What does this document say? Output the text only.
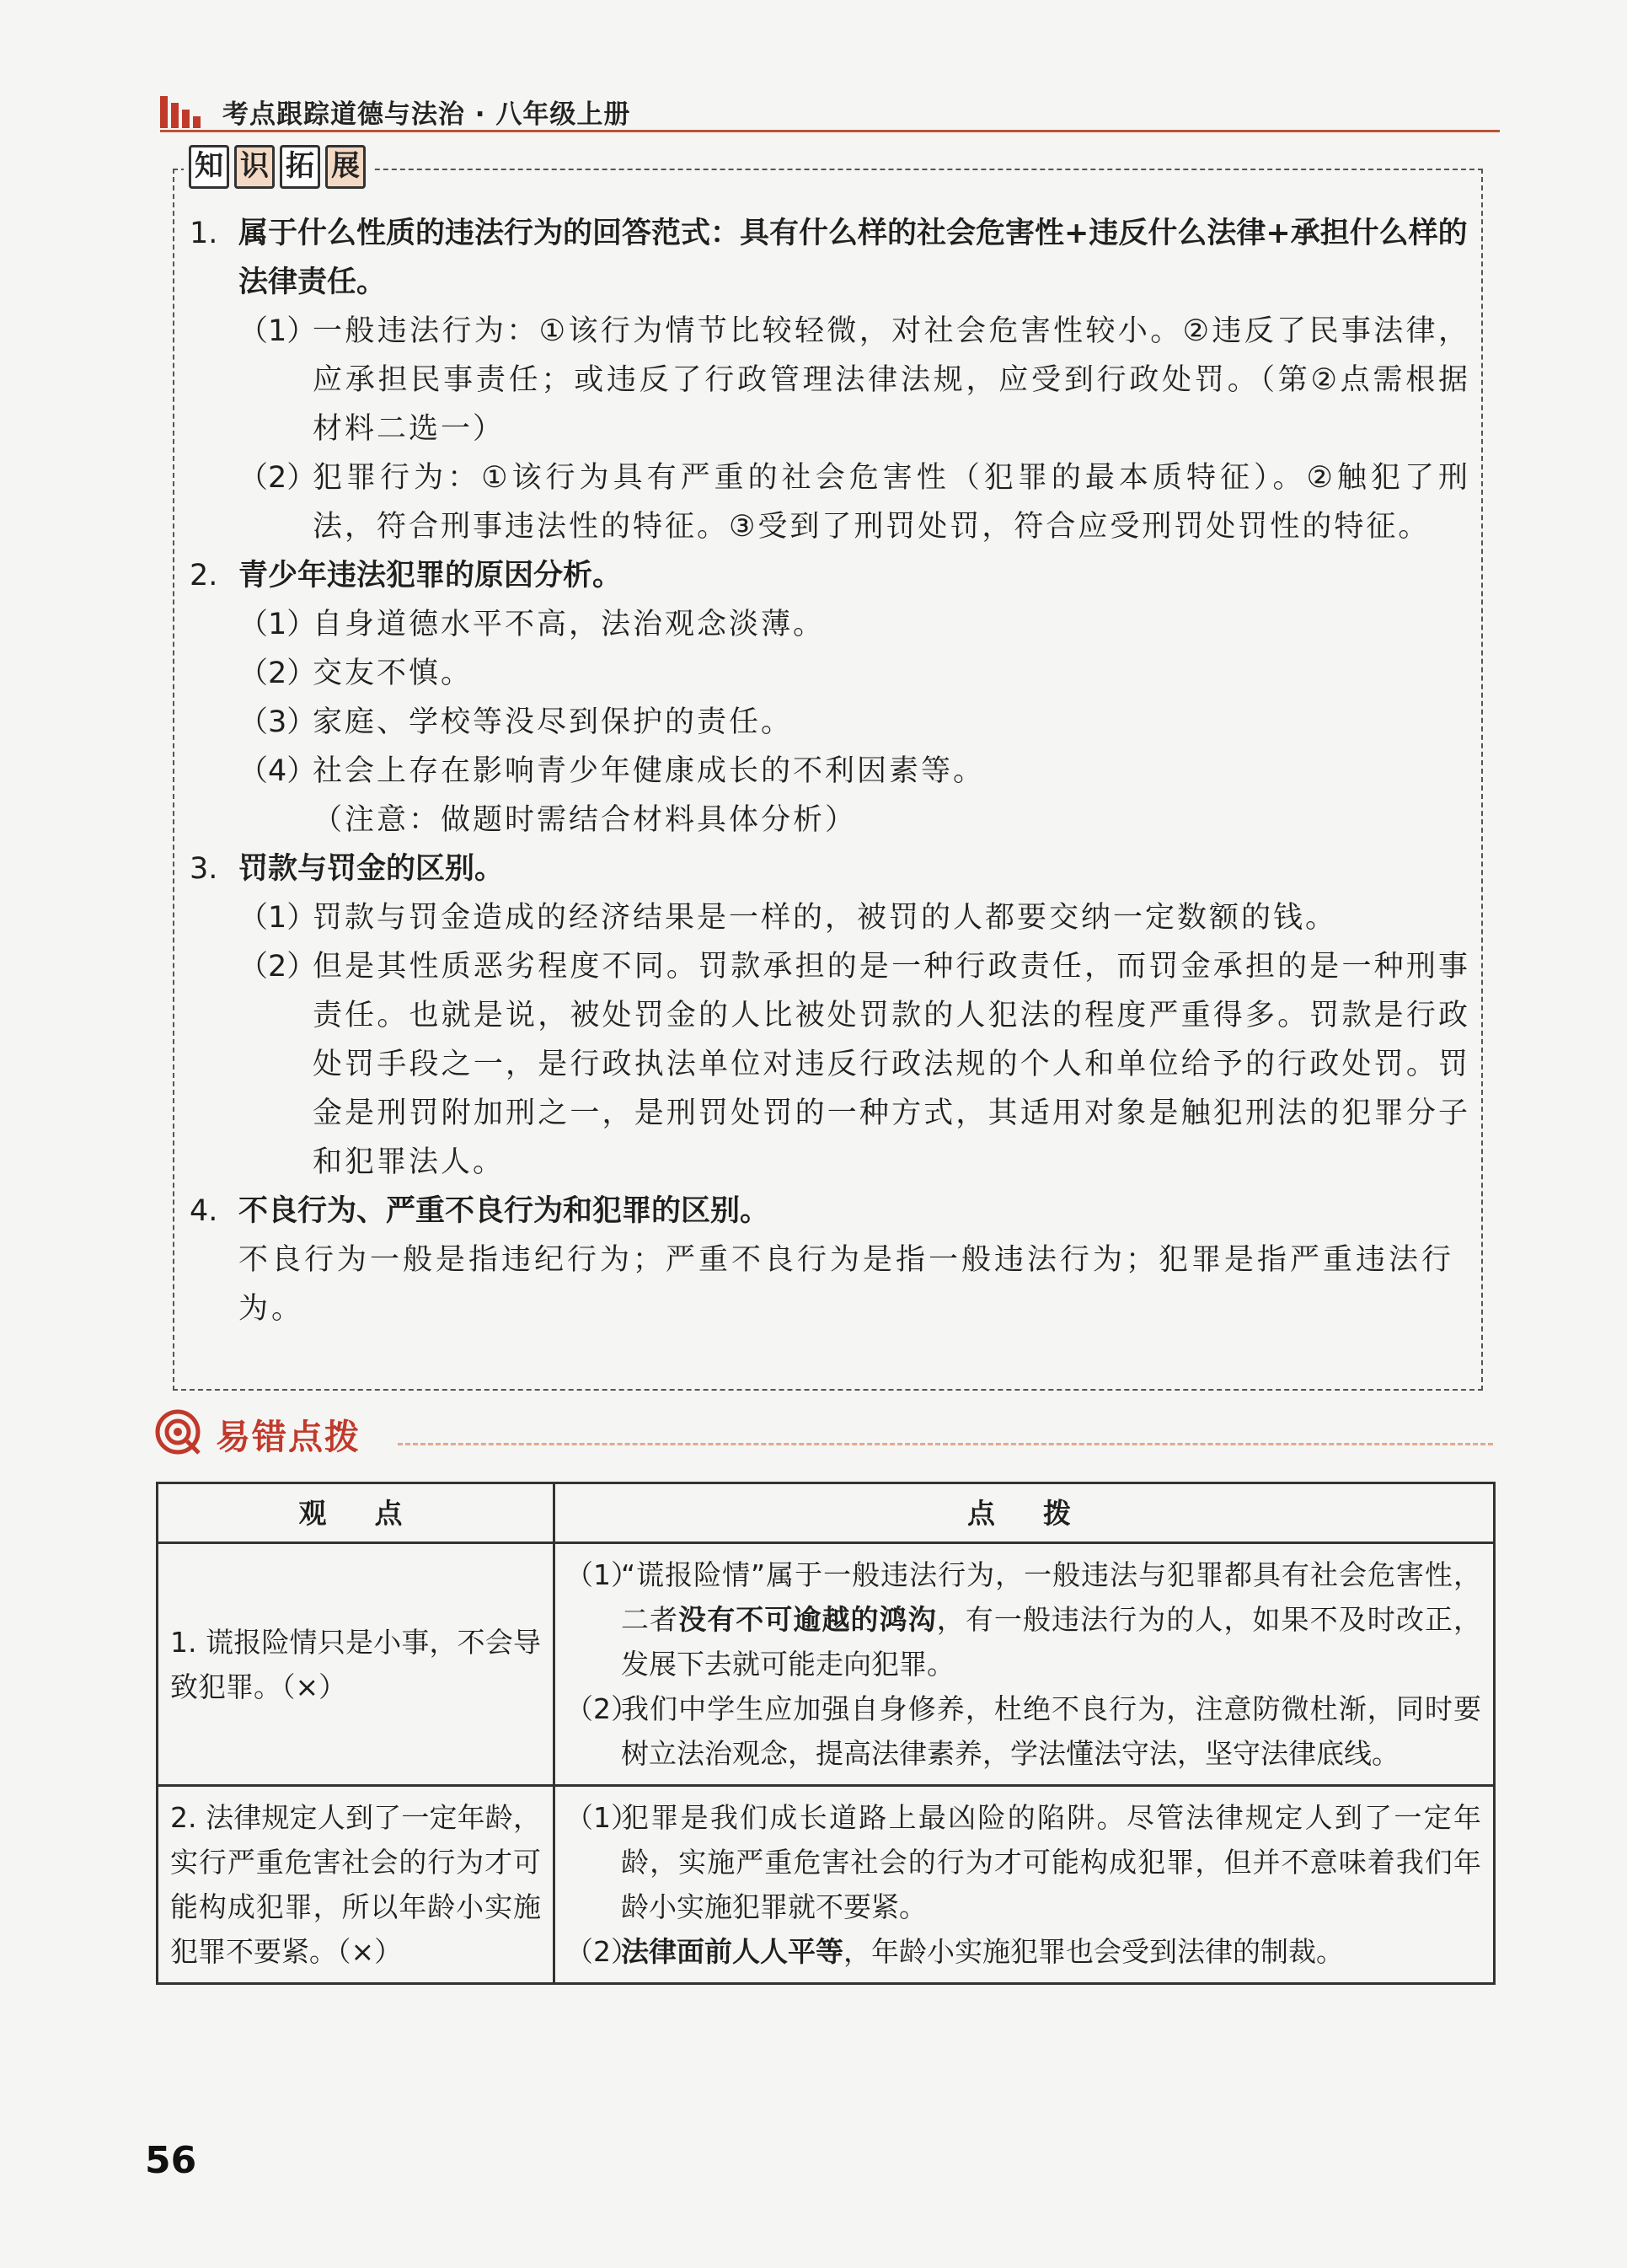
考点跟踪道德与法治 · 八年级上册
知 识 拓 展
1. 属于什么性质的违法行为的回答范式：具有什么样的社会危害性+违反什么法律+承担什么样的法律责任。
（1）
一般违法行为：①该行为情节比较轻微，对社会危害性较小。②违反了民事法律，应承担民事责任；或违反了行政管理法律法规，应受到行政处罚。（第②点需根据材料二选一）
（2）
犯罪行为：①该行为具有严重的社会危害性（犯罪的最本质特征）。②触犯了刑法，符合刑事违法性的特征。③受到了刑罚处罚，符合应受刑罚处罚性的特征。
2. 青少年违法犯罪的原因分析。
（1）
自身道德水平不高，法治观念淡薄。
（2）
交友不慎。
（3）
家庭、学校等没尽到保护的责任。
（4）
社会上存在影响青少年健康成长的不利因素等。
（注意：做题时需结合材料具体分析）
3. 罚款与罚金的区别。
（1）
罚款与罚金造成的经济结果是一样的，被罚的人都要交纳一定数额的钱。
（2）
但是其性质恶劣程度不同。罚款承担的是一种行政责任，而罚金承担的是一种刑事责任。也就是说，被处罚金的人比被处罚款的人犯法的程度严重得多。罚款是行政处罚手段之一，是行政执法单位对违反行政法规的个人和单位给予的行政处罚。罚金是刑罚附加刑之一，是刑罚处罚的一种方式，其适用对象是触犯刑法的犯罪分子和犯罪法人。
4. 不良行为、严重不良行为和犯罪的区别。
不良行为一般是指违纪行为；严重不良行为是指一般违法行为；犯罪是指严重违法行为。
易错点拨
观　点	点　拨
1. 谎报险情只是小事，不会导致犯罪。（×）	（1）
“谎报险情”属于一般违法行为，一般违法与犯罪都具有社会危害性，二者没有不可逾越的鸿沟，有一般违法行为的人，如果不及时改正，发展下去就可能走向犯罪。
（2）
我们中学生应加强自身修养，杜绝不良行为，注意防微杜渐，同时要树立法治观念，提高法律素养，学法懂法守法，坚守法律底线。

2. 法律规定人到了一定年龄，实行严重危害社会的行为才可能构成犯罪，所以年龄小实施犯罪不要紧。（×）	（1）
犯罪是我们成长道路上最凶险的陷阱。尽管法律规定人到了一定年龄，实施严重危害社会的行为才可能构成犯罪，但并不意味着我们年龄小实施犯罪就不要紧。
（2）
法律面前人人平等，年龄小实施犯罪也会受到法律的制裁。
56
